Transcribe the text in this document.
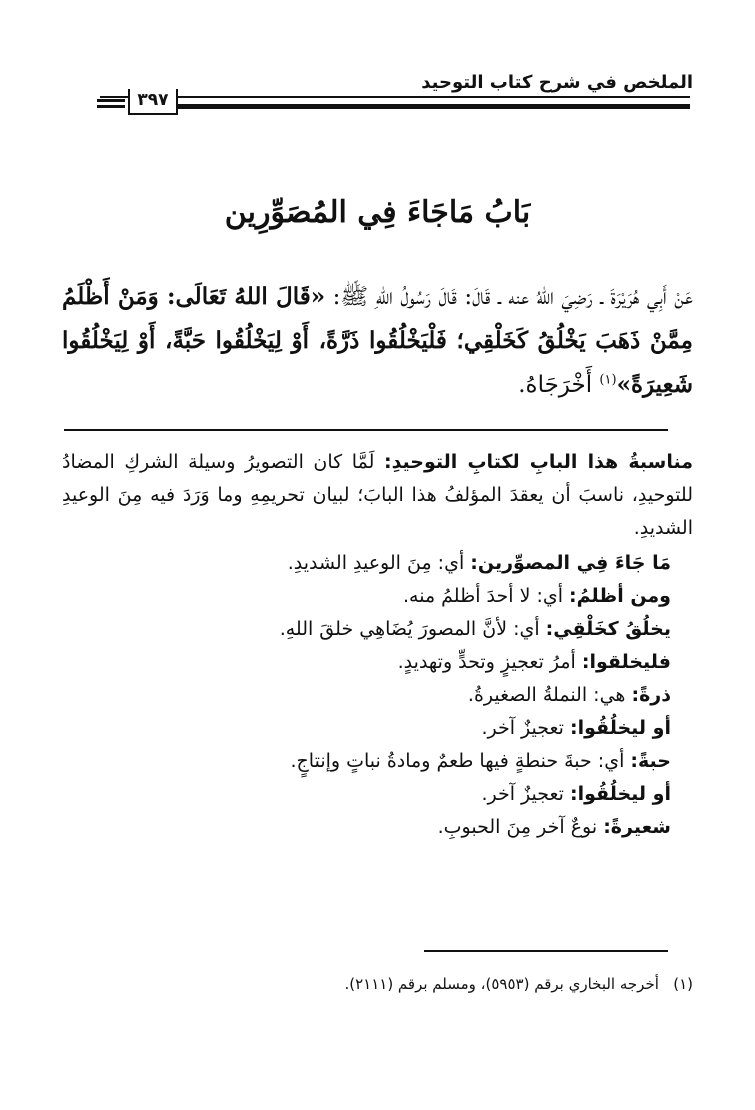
الملخص في شرح كتاب التوحيد
٣٩٧
بَابُ مَاجَاءَ فِي المُصَوِّرِين
عَنْ أَبِي هُرَيْرَةَ ـ رَضِيَ اللهُ عنه ـ قَالَ: قَالَ رَسُولُ اللهِ ﷺ: «قَالَ اللهُ تَعَالَى: وَمَنْ أَظْلَمُ مِمَّنْ ذَهَبَ يَخْلُقُ كَخَلْقِي؛ فَلْيَخْلُقُوا ذَرَّةً، أَوْ لِيَخْلُقُوا حَبَّةً، أَوْ لِيَخْلُقُوا شَعِيرَةً»$^{(١)}$ أَخْرَجَاهُ.

مناسبةُ هذا البابِ لكتابِ التوحيدِ: لَمَّا كان التصويرُ وسيلة الشركِ المضادُ للتوحيدِ، ناسبَ أن يعقدَ المؤلفُ هذا البابَ؛ لبيان تحريمِهِ وما وَرَدَ فيه مِنَ الوعيدِ الشديدِ.

مَا جَاءَ فِي المصوِّرين: أي: مِنَ الوعيدِ الشديدِ.

ومن أظلمُ: أي: لا أحدَ أظلمُ منه.

يخلُقُ كخَلْقِي: أي: لأنَّ المصورَ يُضَاهِي خلقَ اللهِ.

فليخلقوا: أمرُ تعجيزٍ وتحدٍّ وتهديدٍ.

ذرةً: هي: النملةُ الصغيرةُ.

أو ليخلُقُوا: تعجيزٌ آخر.

حبةً: أي: حبةَ حنطةٍ فيها طعمٌ ومادةُ نباتٍ وإنتاجٍ.

أو ليخلُقُوا: تعجيزٌ آخر.

شعيرةً: نوعٌ آخر مِنَ الحبوبِ.

(١)   أخرجه البخاري برقم (٥٩٥٣)، ومسلم برقم (٢١١١).
